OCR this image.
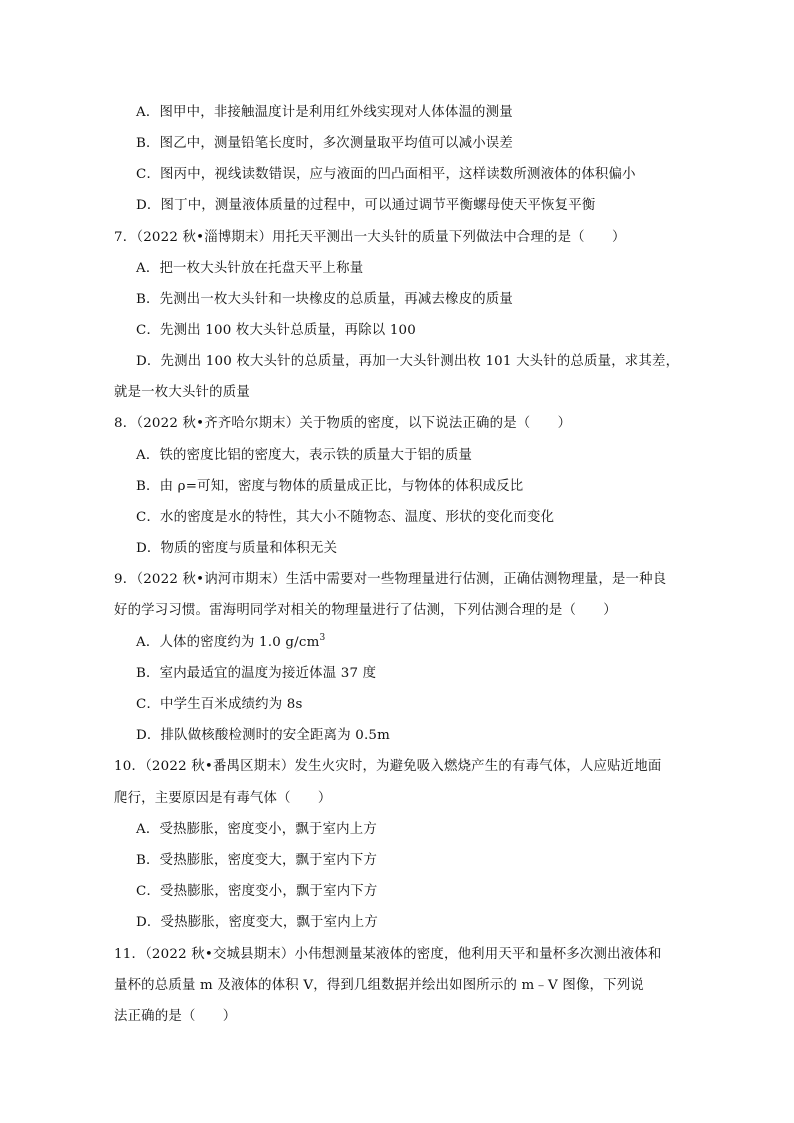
A．图甲中，非接触温度计是利用红外线实现对人体体温的测量
B．图乙中，测量铅笔长度时，多次测量取平均值可以减小误差
C．图丙中，视线读数错误，应与液面的凹凸面相平，这样读数所测液体的体积偏小
D．图丁中，测量液体质量的过程中，可以通过调节平衡螺母使天平恢复平衡
7．（2022 秋•淄博期末）用托天平测出一大头针的质量下列做法中合理的是（　　）
A．把一枚大头针放在托盘天平上称量
B．先测出一枚大头针和一块橡皮的总质量，再减去橡皮的质量
C．先测出 100 枚大头针总质量，再除以 100
D．先测出 100 枚大头针的总质量，再加一大头针测出枚 101 大头针的总质量，求其差，
就是一枚大头针的质量
8．（2022 秋•齐齐哈尔期末）关于物质的密度，以下说法正确的是（　　）
A．铁的密度比铝的密度大，表示铁的质量大于铝的质量
B．由 ρ=可知，密度与物体的质量成正比，与物体的体积成反比
C．水的密度是水的特性，其大小不随物态、温度、形状的变化而变化
D．物质的密度与质量和体积无关
9．（2022 秋•讷河市期末）生活中需要对一些物理量进行估测，正确估测物理量，是一种良
好的学习习惯。雷海明同学对相关的物理量进行了估测，下列估测合理的是（　　）
A．人体的密度约为 1.0 $g/cm^3$
B．室内最适宜的温度为接近体温 37 度
C．中学生百米成绩约为 8s
D．排队做核酸检测时的安全距离为 0.5m
10．（2022 秋•番禺区期末）发生火灾时，为避免吸入燃烧产生的有毒气体，人应贴近地面
爬行，主要原因是有毒气体（　　）
A．受热膨胀，密度变小，飘于室内上方
B．受热膨胀，密度变大，飘于室内下方
C．受热膨胀，密度变小，飘于室内下方
D．受热膨胀，密度变大，飘于室内上方
11．（2022 秋•交城县期末）小伟想测量某液体的密度，他利用天平和量杯多次测出液体和
量杯的总质量 m 及液体的体积 V，得到几组数据并绘出如图所示的 m﹣V 图像，下列说
法正确的是（　　）
